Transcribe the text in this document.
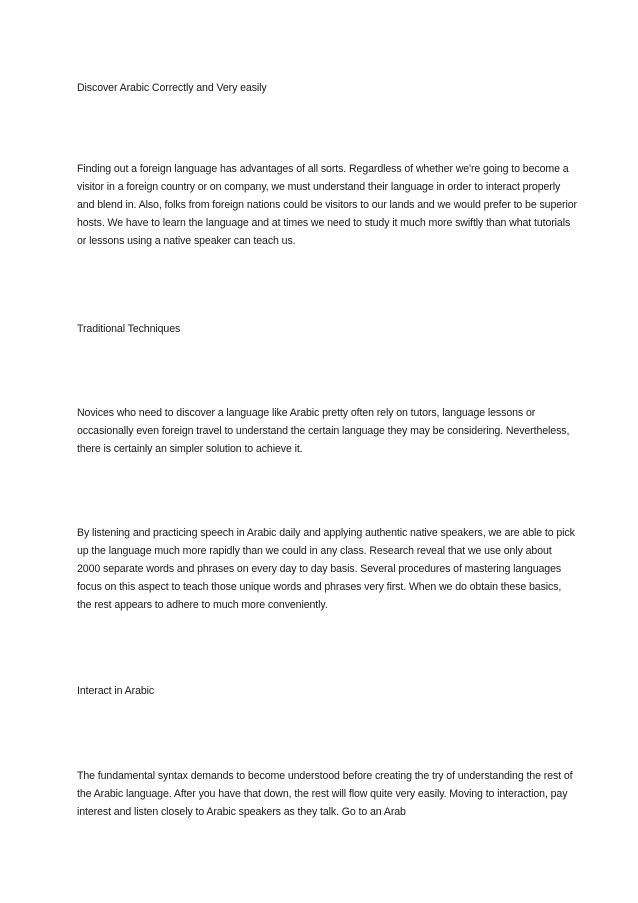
Discover Arabic Correctly and Very easily
Finding out a foreign language has advantages of all sorts. Regardless of whether we're going to become a visitor in a foreign country or on company, we must understand their language in order to interact properly and blend in. Also, folks from foreign nations could be visitors to our lands and we would prefer to be superior hosts. We have to learn the language and at times we need to study it much more swiftly than what tutorials or lessons using a native speaker can teach us.
Traditional Techniques
Novices who need to discover a language like Arabic pretty often rely on tutors, language lessons or occasionally even foreign travel to understand the certain language they may be considering. Nevertheless, there is certainly an simpler solution to achieve it.
By listening and practicing speech in Arabic daily and applying authentic native speakers, we are able to pick up the language much more rapidly than we could in any class. Research reveal that we use only about 2000 separate words and phrases on every day to day basis. Several procedures of mastering languages focus on this aspect to teach those unique words and phrases very first. When we do obtain these basics, the rest appears to adhere to much more conveniently.
Interact in Arabic
The fundamental syntax demands to become understood before creating the try of understanding the rest of the Arabic language. After you have that down, the rest will flow quite very easily. Moving to interaction, pay interest and listen closely to Arabic speakers as they talk. Go to an Arab
